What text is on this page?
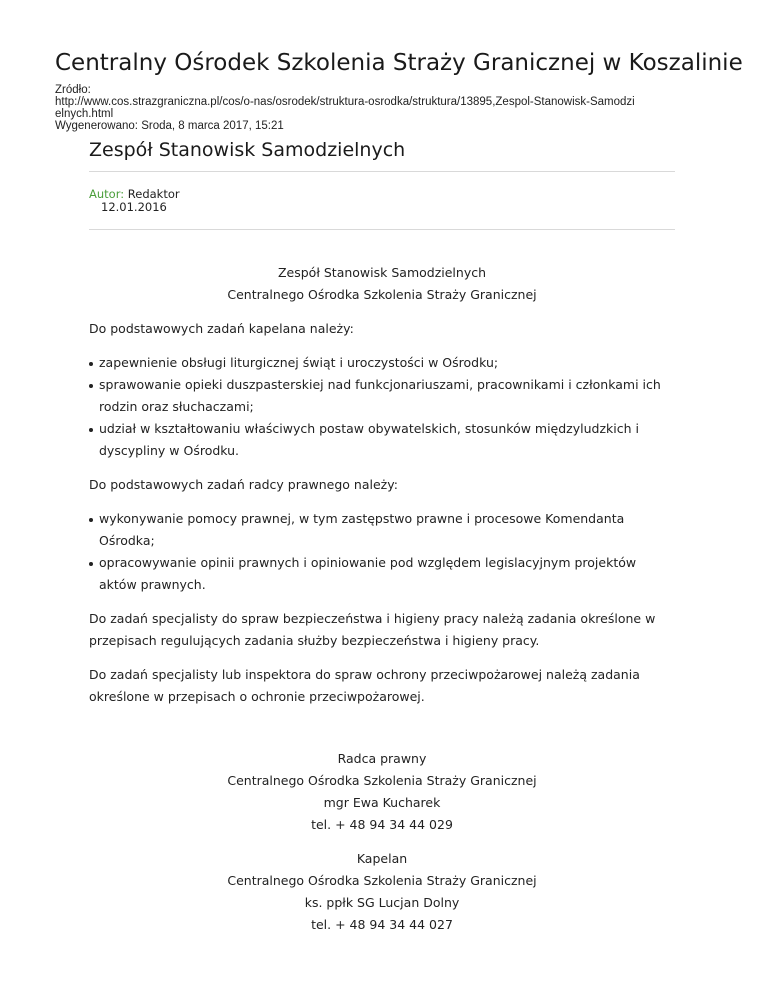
Centralny Ośrodek Szkolenia Straży Granicznej w Koszalinie
Źródło:
http://www.cos.strazgraniczna.pl/cos/o-nas/osrodek/struktura-osrodka/struktura/13895,Zespol-Stanowisk-Samodzi
elnych.html
Wygenerowano: Środa, 8 marca 2017, 15:21
Zespół Stanowisk Samodzielnych
Autor: Redaktor
12.01.2016
Zespół Stanowisk Samodzielnych
Centralnego Ośrodka Szkolenia Straży Granicznej

Do podstawowych zadań kapelana należy:

zapewnienie obsługi liturgicznej świąt i uroczystości w Ośrodku;
sprawowanie opieki duszpasterskiej nad funkcjonariuszami, pracownikami i członkami ich rodzin oraz słuchaczami;
udział w kształtowaniu właściwych postaw obywatelskich, stosunków międzyludzkich i dyscypliny w Ośrodku.

Do podstawowych zadań radcy prawnego należy:

wykonywanie pomocy prawnej, w tym zastępstwo prawne i procesowe Komendanta Ośrodka;
opracowywanie opinii prawnych i opiniowanie pod względem legislacyjnym projektów aktów prawnych.

Do zadań specjalisty do spraw bezpieczeństwa i higieny pracy należą zadania określone w przepisach regulujących zadania służby bezpieczeństwa i higieny pracy.

Do zadań specjalisty lub inspektora do spraw ochrony przeciwpożarowej należą zadania określone w przepisach o ochronie przeciwpożarowej.

Radca prawny
Centralnego Ośrodka Szkolenia Straży Granicznej
mgr Ewa Kucharek
tel. + 48 94 34 44 029
Kapelan
Centralnego Ośrodka Szkolenia Straży Granicznej
ks. ppłk SG Lucjan Dolny
tel. + 48 94 34 44 027
